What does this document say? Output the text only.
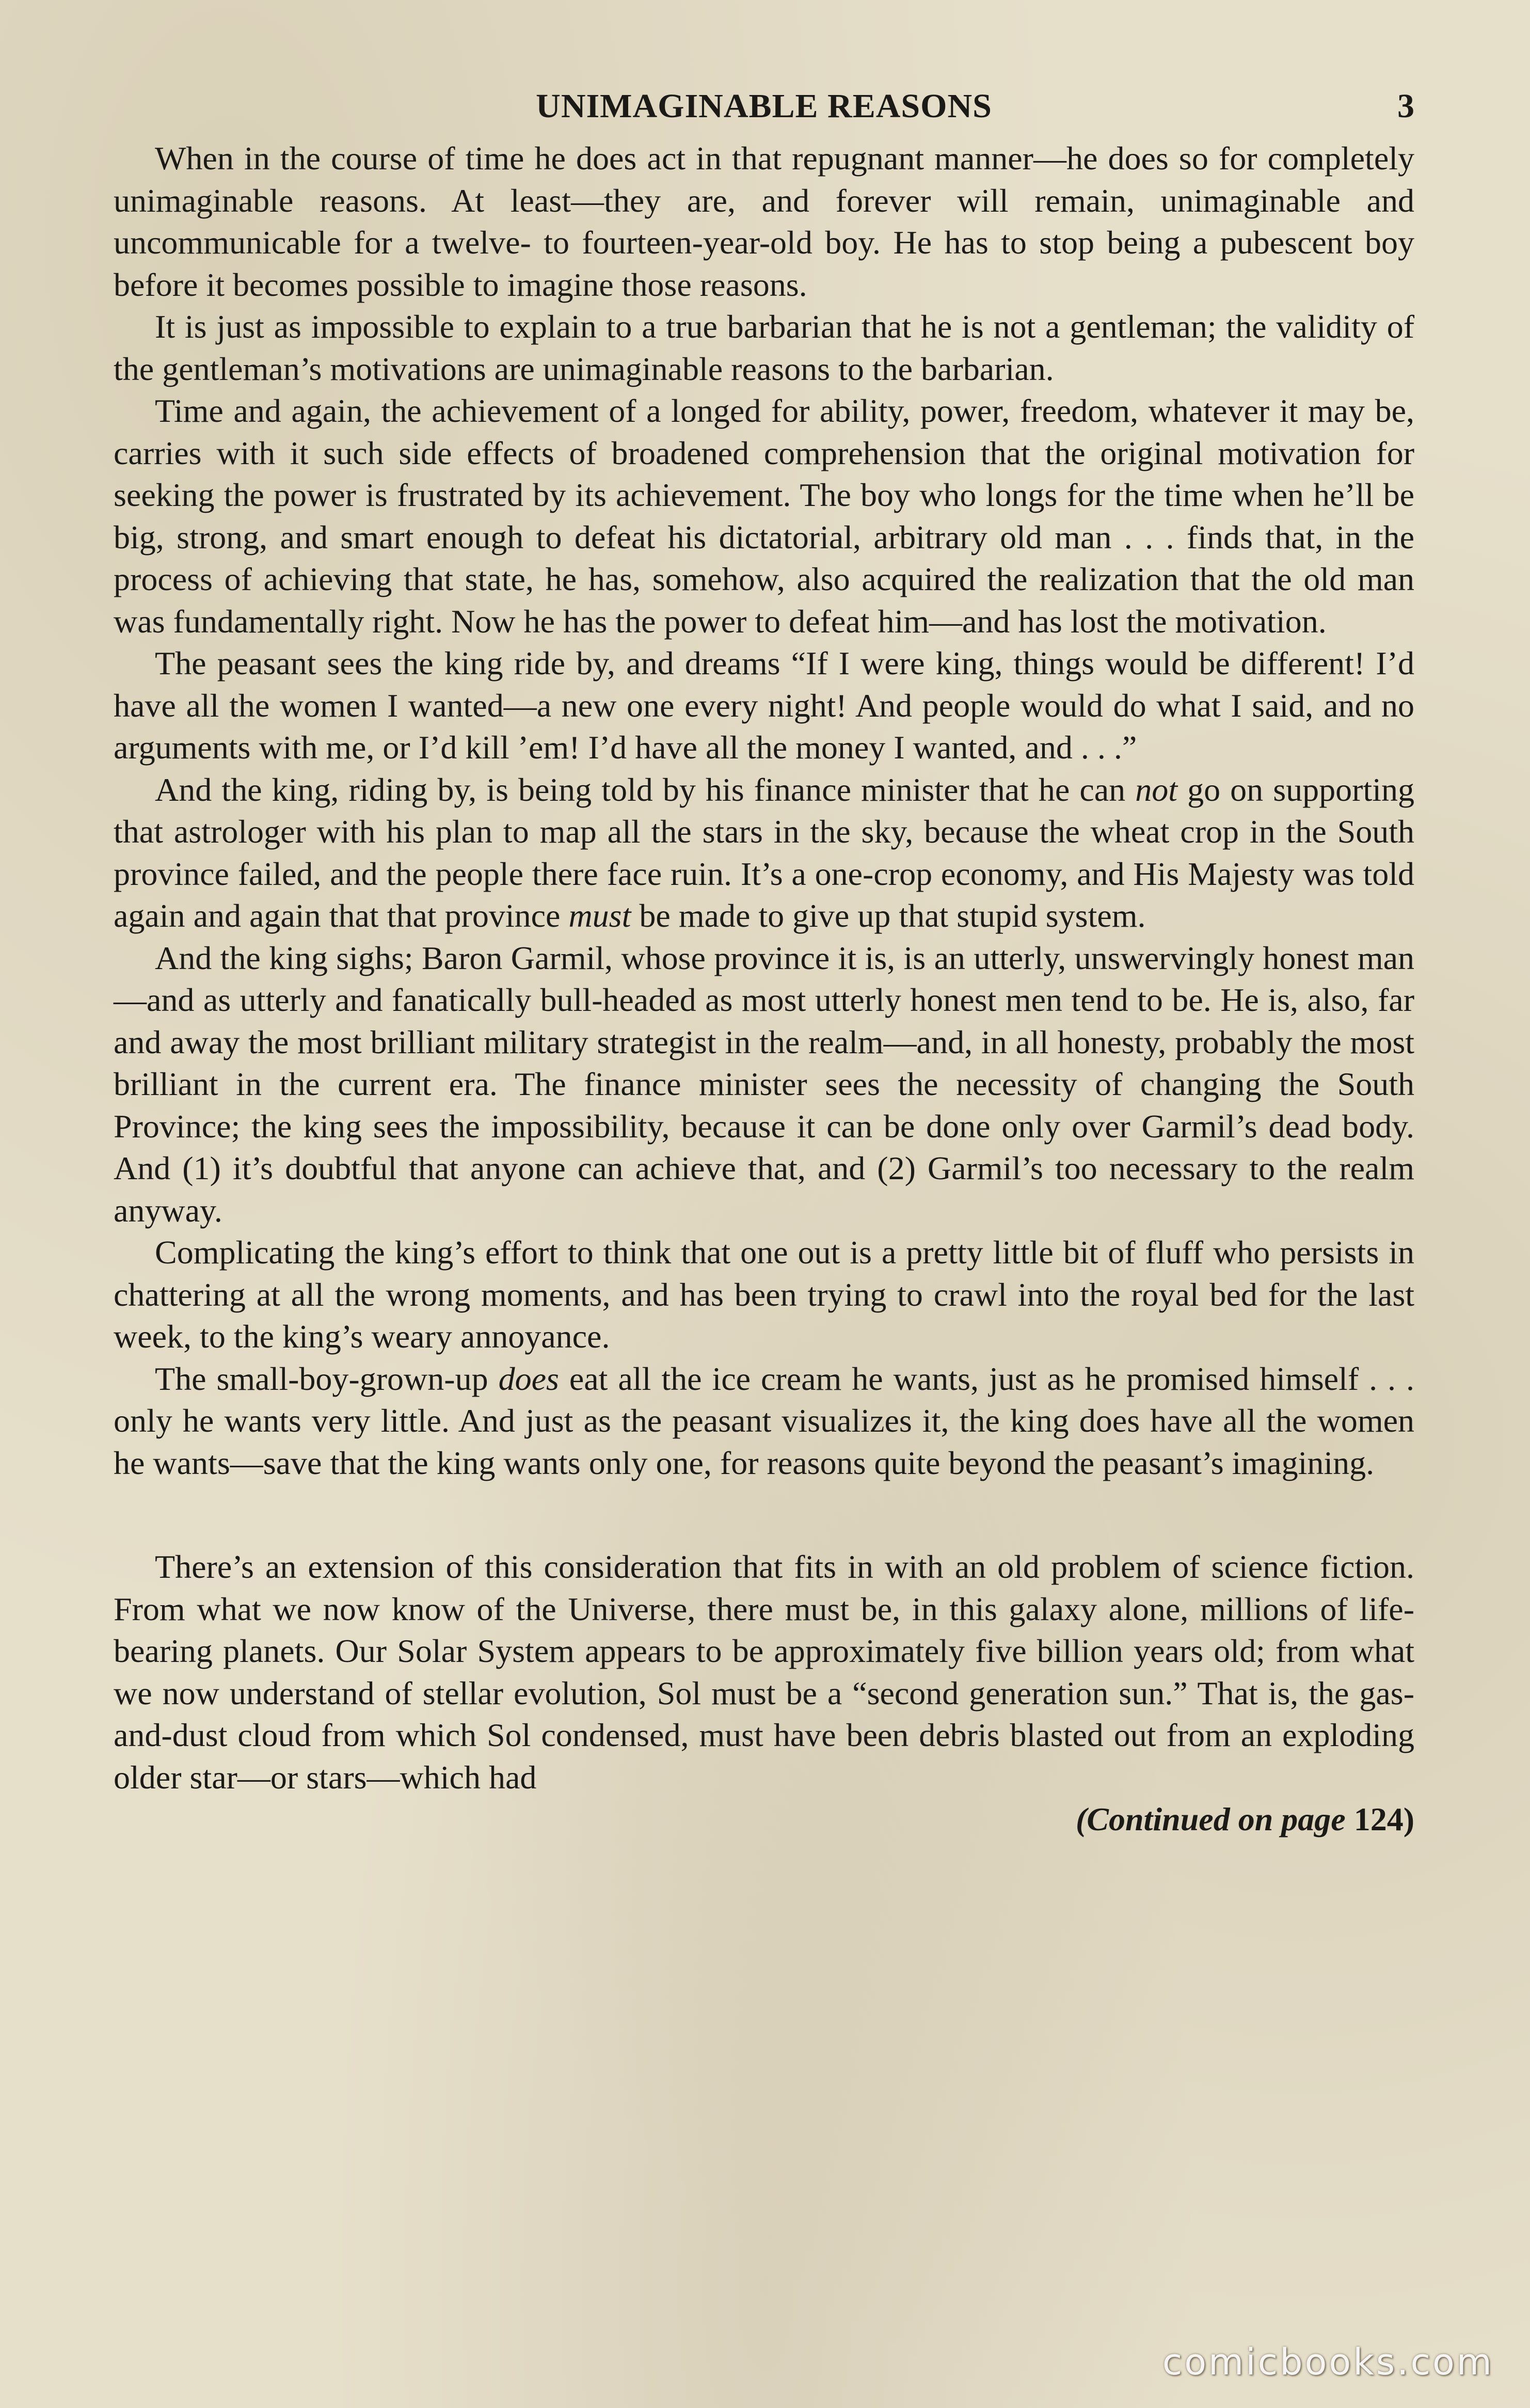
UNIMAGINABLE REASONS	3

When in the course of time he does act in that repugnant manner—he does so for completely unimaginable reasons. At least—they are, and forever will remain, unimaginable and uncommunicable for a twelve- to fourteen-year-old boy. He has to stop being a pubescent boy before it becomes possible to imagine those reasons.

It is just as impossible to explain to a true barbarian that he is not a gentleman; the validity of the gentleman’s motivations are unimaginable reasons to the barbarian.

Time and again, the achievement of a longed for ability, power, freedom, whatever it may be, carries with it such side effects of broadened comprehension that the original motivation for seeking the power is frustrated by its achievement. The boy who longs for the time when he’ll be big, strong, and smart enough to defeat his dictatorial, arbitrary old man . . . finds that, in the process of achieving that state, he has, somehow, also acquired the realization that the old man was fundamentally right. Now he has the power to defeat him—and has lost the motivation.

The peasant sees the king ride by, and dreams “If I were king, things would be different! I’d have all the women I wanted—a new one every night! And people would do what I said, and no arguments with me, or I’d kill ’em! I’d have all the money I wanted, and . . .”

And the king, riding by, is being told by his finance minister that he can not go on supporting that astrologer with his plan to map all the stars in the sky, because the wheat crop in the South province failed, and the people there face ruin. It’s a one-crop economy, and His Majesty was told again and again that that province must be made to give up that stupid system.

And the king sighs; Baron Garmil, whose province it is, is an utterly, unswervingly honest man—and as utterly and fanatically bull-headed as most utterly honest men tend to be. He is, also, far and away the most brilliant military strategist in the realm—and, in all honesty, probably the most brilliant in the current era. The finance minister sees the necessity of changing the South Province; the king sees the impossibility, because it can be done only over Garmil’s dead body. And (1) it’s doubtful that anyone can achieve that, and (2) Garmil’s too necessary to the realm anyway.

Complicating the king’s effort to think that one out is a pretty little bit of fluff who persists in chattering at all the wrong moments, and has been trying to crawl into the royal bed for the last week, to the king’s weary annoyance.

The small-boy-grown-up does eat all the ice cream he wants, just as he promised himself . . . only he wants very little. And just as the peasant visualizes it, the king does have all the women he wants—save that the king wants only one, for reasons quite beyond the peasant’s imagining.

There’s an extension of this consideration that fits in with an old problem of science fiction. From what we now know of the Universe, there must be, in this galaxy alone, millions of life-bearing planets. Our Solar System appears to be approximately five billion years old; from what we now understand of stellar evolution, Sol must be a “second generation sun.” That is, the gas-and-dust cloud from which Sol condensed, must have been debris blasted out from an exploding older star—or stars—which had

(Continued on page 124)
comicbooks.com
